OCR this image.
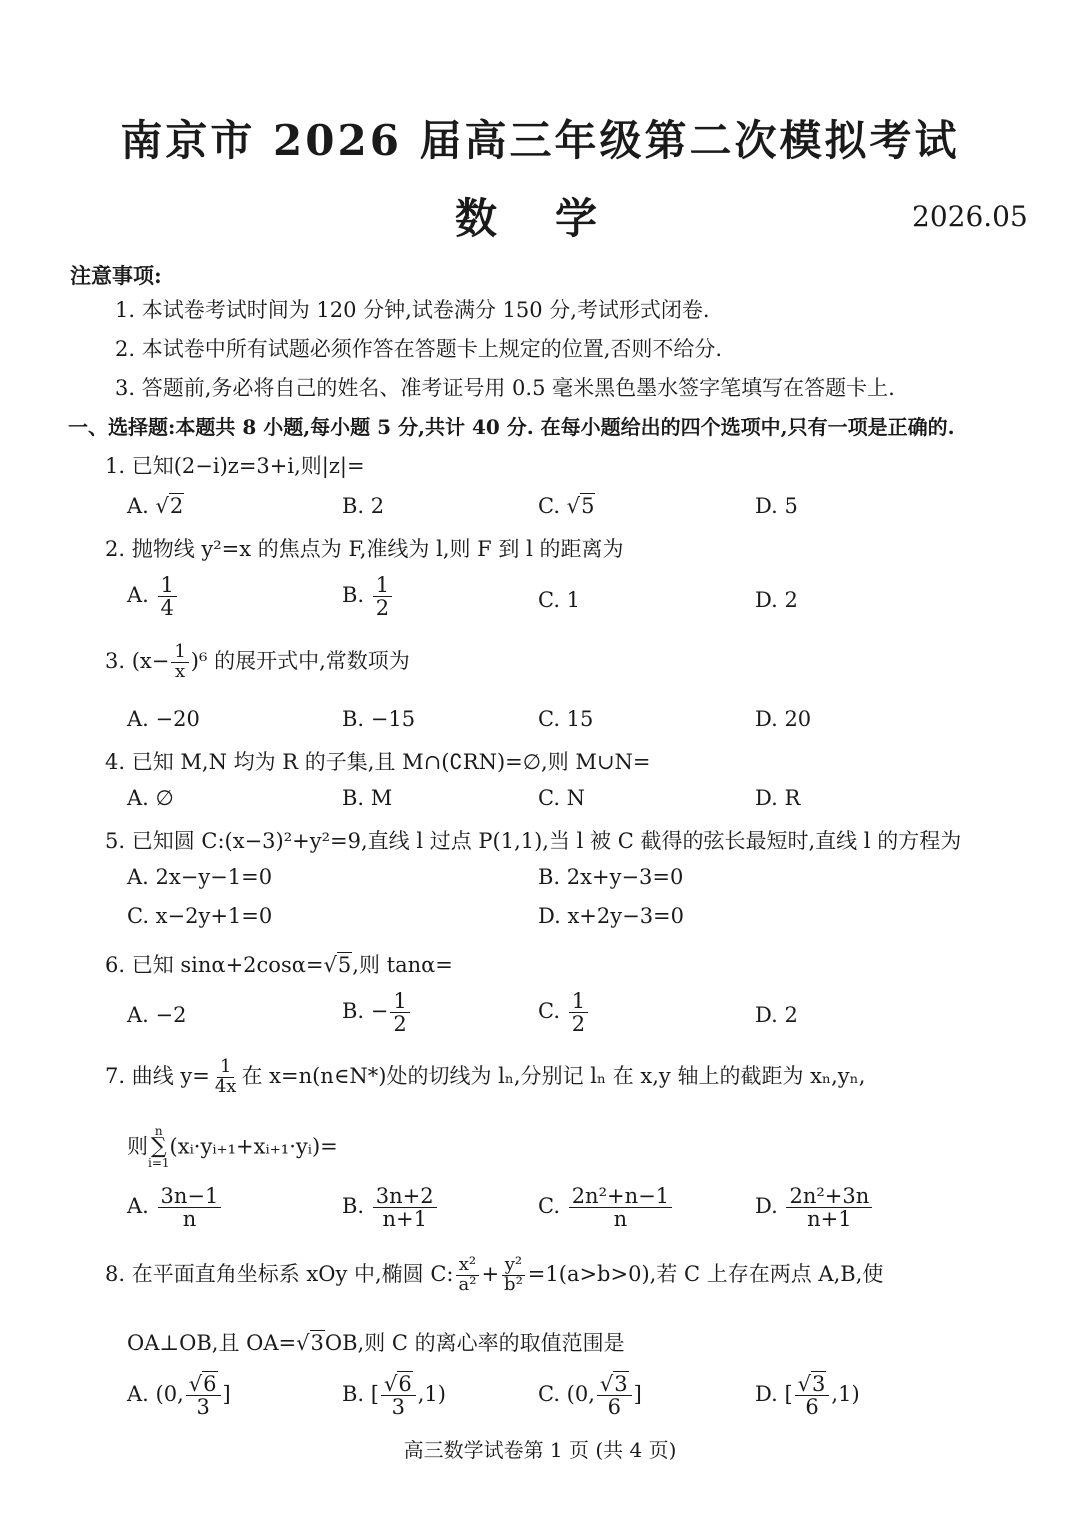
南京市 2026 届高三年级第二次模拟考试
数学	2026.05
注意事项:
1. 本试卷考试时间为 120 分钟,试卷满分 150 分,考试形式闭卷.
2. 本试卷中所有试题必须作答在答题卡上规定的位置,否则不给分.
3. 答题前,务必将自己的姓名、准考证号用 0.5 毫米黑色墨水签字笔填写在答题卡上.
一、选择题:本题共 8 小题,每小题 5 分,共计 40 分. 在每小题给出的四个选项中,只有一项是正确的.
1. 已知(2−i)z=3+i,则|z|=
A. √2	B. 2	C. √5	D. 5
2. 抛物线 y²=x 的焦点为 F,准线为 l,则 F 到 l 的距离为
A. $\frac{1}{4}$	B. $\frac{1}{2}$	C. 1	D. 2
3. $(x- \frac{1}{x} )^6$ 的展开式中,常数项为
A. −20	B. −15	C. 15	D. 20
4. 已知 M,N 均为 R 的子集,且 M∩(∁RN)=∅,则 M∪N=
A. ∅	B. M	C. N	D. R
5. 已知圆 C:(x−3)²+y²=9,直线 l 过点 P(1,1),当 l 被 C 截得的弦长最短时,直线 l 的方程为
A. 2x−y−1=0	B. 2x+y−3=0
C. x−2y+1=0	D. x+2y−3=0
6. 已知 sinα+2cosα=√5,则 tanα=
A. −2	B. − $\frac{1}{2}$	C. $\frac{1}{2}$	D. 2
7. 曲线 $y= \frac{1}{4x}$ 在 x=n(n∈N*)处的切线为 lₙ,分别记 lₙ 在 x,y 轴上的截距为 xₙ,yₙ,
则
n
∑
i=1
(xᵢ·yᵢ₊₁+xᵢ₊₁·yᵢ)=
A. $\frac{3n-1}{n}$	B. $\frac{3n+2}{n+1}$	C. $\frac{\text{2n²+n−1}}{n}$	D. $\frac{\text{2n²+3n}}{n+1}$
8. 在平面直角坐标系 xOy 中,椭圆 C: $\frac{\text{x²}}{\text{a²}} + \frac{\text{y²}}{\text{b²}} =1(a>b>0)$,若 C 上存在两点 A,B,使
OA⊥OB,且 OA=√3OB,则 C 的离心率的取值范围是
A. (0, $\frac{√6}{3}$ ]	B. [ $\frac{√6}{3} ,1$)	C. (0, $\frac{√3}{6}$ ]	D. [ $\frac{√3}{6} ,1$)
高三数学试卷第 1 页 (共 4 页)
